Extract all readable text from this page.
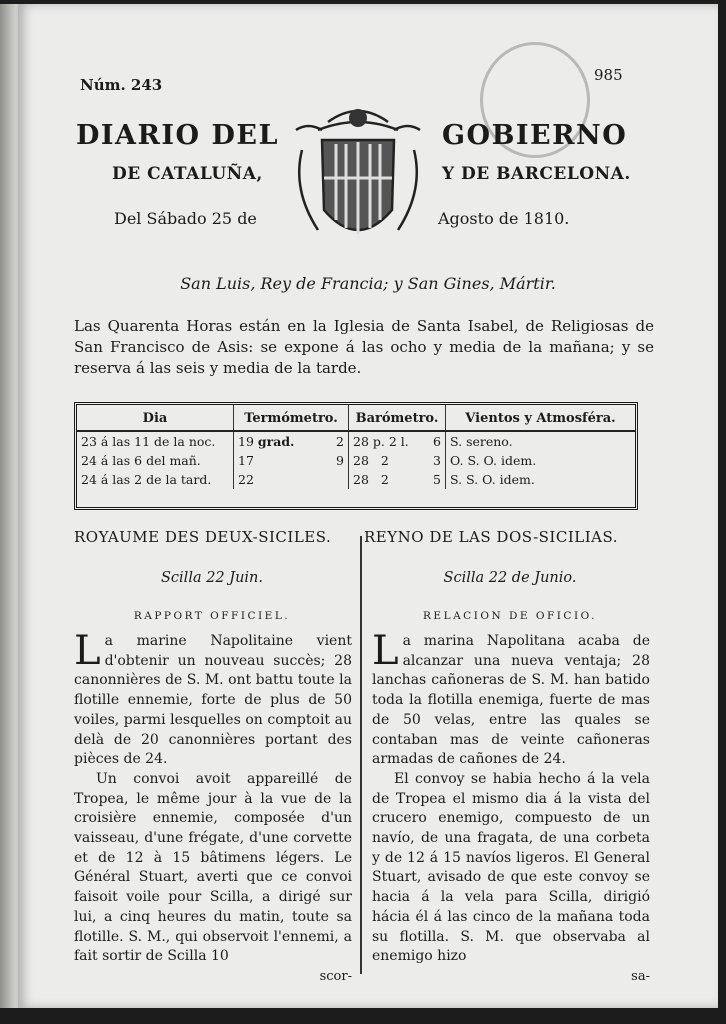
Núm. 243
985
DIARIO DEL	GOBIERNO
DE CATALUÑA,	Y DE BARCELONA.
Del Sábado 25 de	Agosto de 1810.
San Luis, Rey de Francia; y San Gines, Mártir.
Las Quarenta Horas están en la Iglesia de Santa Isabel, de Religiosas de San Francisco de Asis: se expone á las ocho y media de la mañana; y se reserva á las seis y media de la tarde.
Dia	Termómetro.	Barómetro.	Vientos y Atmosféra.
23 á las 11 de la noc.	19 grad. 2	28 p. 2 l. 6	S. sereno.
24 á las 6 del mañ.	17 9	28 2 3	O. S. O. idem.
24 á las 2 de la tard.	22	28 2 5	S. S. O. idem.
ROYAUME DES DEUX-SICILES.
Scilla 22 Juin.
RAPPORT OFFICIEL.

La marine Napolitaine vient d'obtenir un nouveau succès; 28 canonnières de S. M. ont battu toute la flotille ennemie, forte de plus de 50 voiles, parmi lesquelles on comptoit au delà de 20 canonnières portant des pièces de 24.

Un convoi avoit appareillé de Tropea, le même jour à la vue de la croisière ennemie, composée d'un vaisseau, d'une frégate, d'une corvette et de 12 à 15 bâtimens légers. Le Général Stuart, averti que ce convoi faisoit voile pour Scilla, a dirigé sur lui, a cinq heures du matin, toute sa flotille. S. M., qui observoit l'ennemi, a fait sortir de Scilla 10

scor-

REYNO DE LAS DOS-SICILIAS.
Scilla 22 de Junio.
RELACION DE OFICIO.

La marina Napolitana acaba de alcanzar una nueva ventaja; 28 lanchas cañoneras de S. M. han batido toda la flotilla enemiga, fuerte de mas de 50 velas, entre las quales se contaban mas de veinte cañoneras armadas de cañones de 24.

El convoy se habia hecho á la vela de Tropea el mismo dia á la vista del crucero enemigo, compuesto de un navío, de una fragata, de una corbeta y de 12 á 15 navíos ligeros. El General Stuart, avisado de que este convoy se hacia á la vela para Scilla, dirigió hácia él á las cinco de la mañana toda su flotilla. S. M. que observaba al enemigo hizo

sa-
